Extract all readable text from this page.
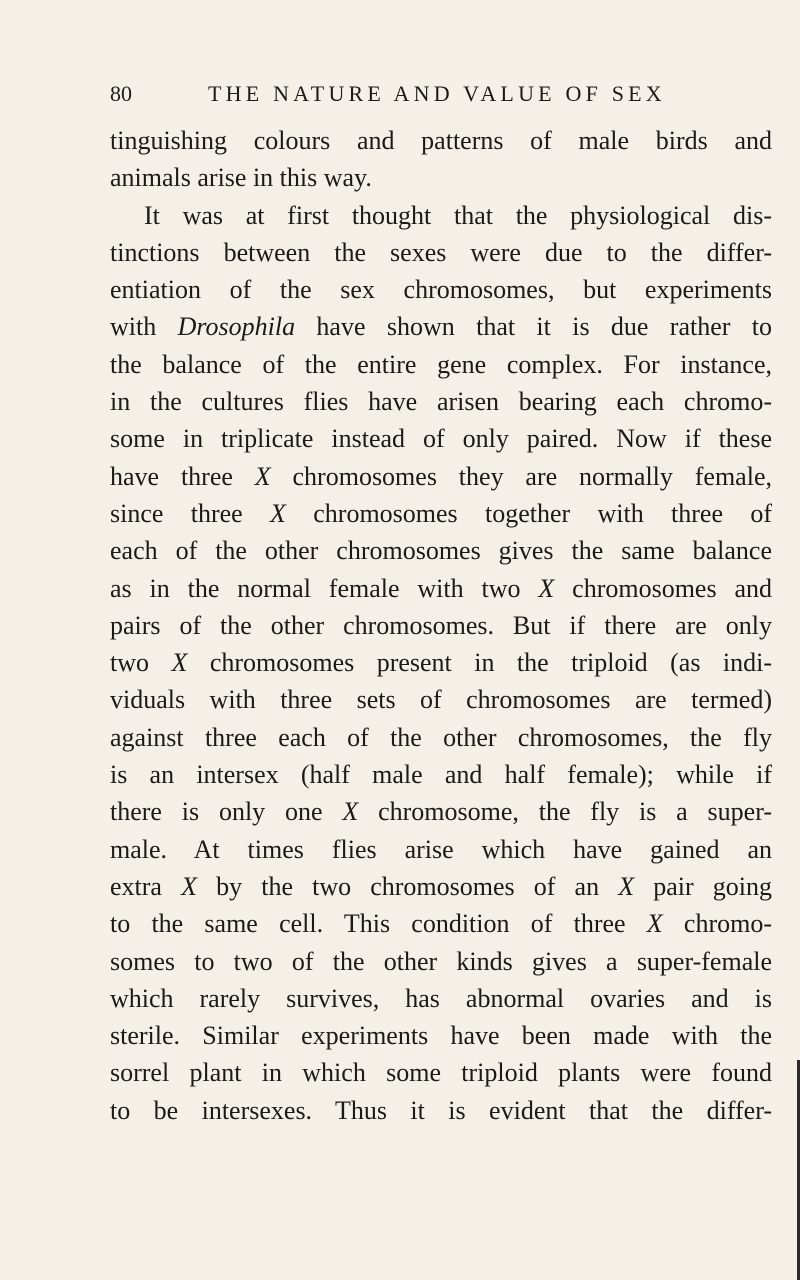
80	THE NATURE AND VALUE OF SEX
tinguishing colours and patterns of male birds and
animals arise in this way.
It was at first thought that the physiological dis-
tinctions between the sexes were due to the differ-
entiation of the sex chromosomes, but experiments
with Drosophila have shown that it is due rather to
the balance of the entire gene complex. For instance,
in the cultures flies have arisen bearing each chromo-
some in triplicate instead of only paired. Now if these
have three X chromosomes they are normally female,
since three X chromosomes together with three of
each of the other chromosomes gives the same balance
as in the normal female with two X chromosomes and
pairs of the other chromosomes. But if there are only
two X chromosomes present in the triploid (as indi-
viduals with three sets of chromosomes are termed)
against three each of the other chromosomes, the fly
is an intersex (half male and half female); while if
there is only one X chromosome, the fly is a super-
male. At times flies arise which have gained an
extra X by the two chromosomes of an X pair going
to the same cell. This condition of three X chromo-
somes to two of the other kinds gives a super-female
which rarely survives, has abnormal ovaries and is
sterile. Similar experiments have been made with the
sorrel plant in which some triploid plants were found
to be intersexes. Thus it is evident that the differ-
